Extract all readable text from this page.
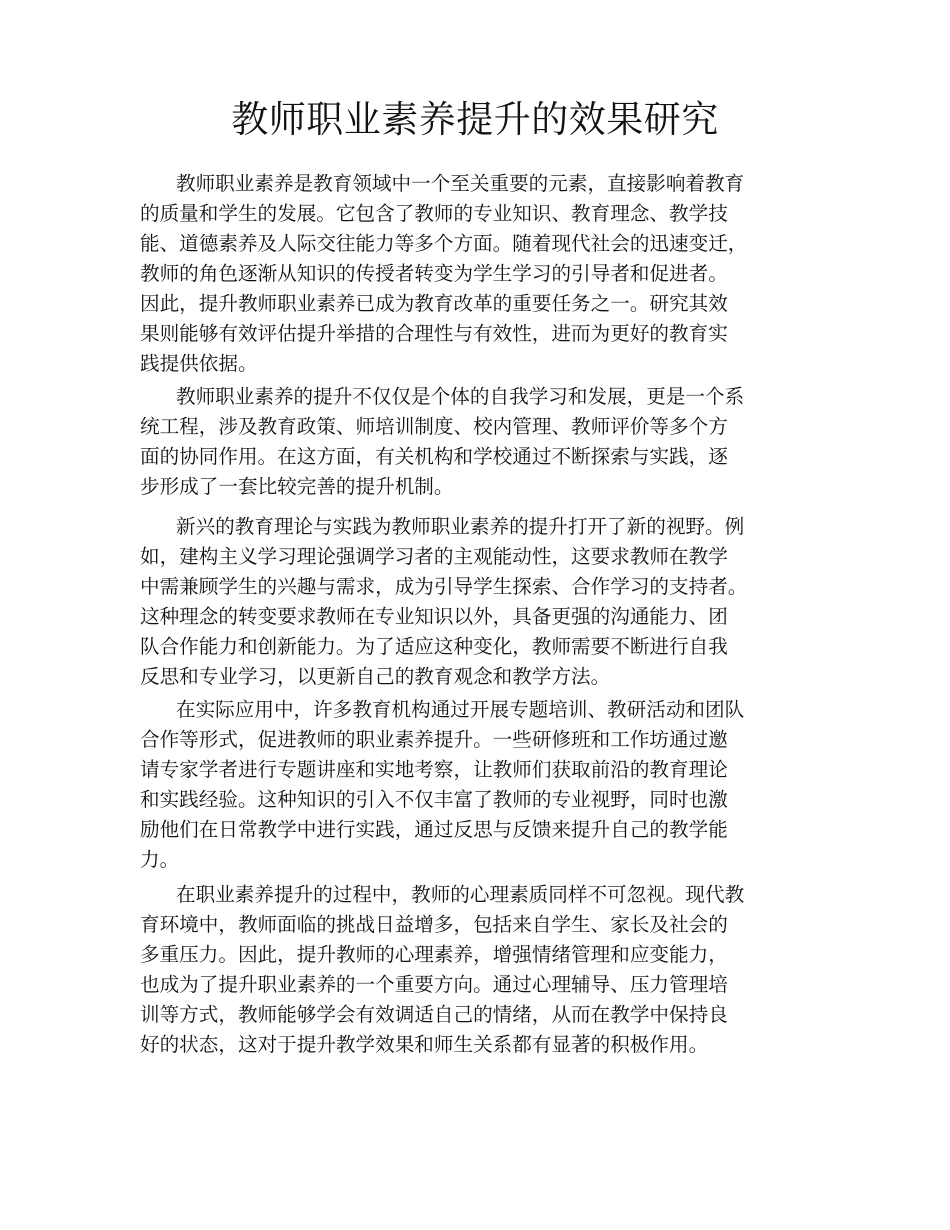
教师职业素养提升的效果研究
教师职业素养是教育领域中一个至关重要的元素，直接影响着教育
的质量和学生的发展。它包含了教师的专业知识、教育理念、教学技
能、道德素养及人际交往能力等多个方面。随着现代社会的迅速变迁，
教师的角色逐渐从知识的传授者转变为学生学习的引导者和促进者。
因此，提升教师职业素养已成为教育改革的重要任务之一。研究其效
果则能够有效评估提升举措的合理性与有效性，进而为更好的教育实
践提供依据。
教师职业素养的提升不仅仅是个体的自我学习和发展，更是一个系
统工程，涉及教育政策、师培训制度、校内管理、教师评价等多个方
面的协同作用。在这方面，有关机构和学校通过不断探索与实践，逐
步形成了一套比较完善的提升机制。
新兴的教育理论与实践为教师职业素养的提升打开了新的视野。例
如，建构主义学习理论强调学习者的主观能动性，这要求教师在教学
中需兼顾学生的兴趣与需求，成为引导学生探索、合作学习的支持者。
这种理念的转变要求教师在专业知识以外，具备更强的沟通能力、团
队合作能力和创新能力。为了适应这种变化，教师需要不断进行自我
反思和专业学习，以更新自己的教育观念和教学方法。
在实际应用中，许多教育机构通过开展专题培训、教研活动和团队
合作等形式，促进教师的职业素养提升。一些研修班和工作坊通过邀
请专家学者进行专题讲座和实地考察，让教师们获取前沿的教育理论
和实践经验。这种知识的引入不仅丰富了教师的专业视野，同时也激
励他们在日常教学中进行实践，通过反思与反馈来提升自己的教学能
力。
在职业素养提升的过程中，教师的心理素质同样不可忽视。现代教
育环境中，教师面临的挑战日益增多，包括来自学生、家长及社会的
多重压力。因此，提升教师的心理素养，增强情绪管理和应变能力，
也成为了提升职业素养的一个重要方向。通过心理辅导、压力管理培
训等方式，教师能够学会有效调适自己的情绪，从而在教学中保持良
好的状态，这对于提升教学效果和师生关系都有显著的积极作用。
